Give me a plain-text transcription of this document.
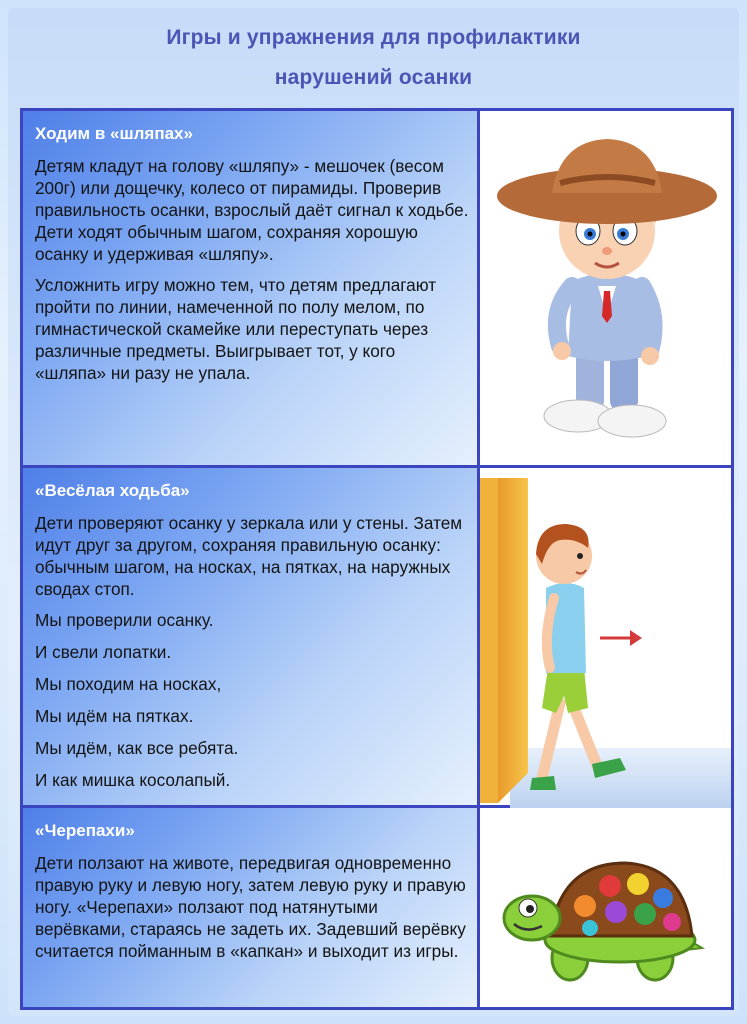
Игры и упражнения для профилактики
нарушений осанки
Ходим в «шляпах»
Детям кладут на голову «шляпу» - мешочек (весом 200г) или дощечку, колесо от пирамиды. Проверив правильность осанки, взрослый даёт сигнал к ходьбе. Дети ходят обычным шагом, сохраняя хорошую осанку и удерживая «шляпу».
Усложнить игру можно тем, что детям предлагают пройти по линии, намеченной по полу мелом, по гимнастической скамейке или переступать через различные предметы. Выигрывает тот, у кого «шляпа» ни разу не упала.
«Весёлая ходьба»
Дети проверяют осанку у зеркала или у стены. Затем идут друг за другом, сохраняя правильную осанку: обычным шагом, на носках, на пятках, на наружных сводах стоп.
Мы проверили осанку.
И свели лопатки.
Мы походим на носках,
Мы идём на пятках.
Мы идём, как все ребята.
И как мишка косолапый.
«Черепахи»
Дети ползают на животе, передвигая одновременно правую руку и левую ногу, затем левую руку и правую ногу. «Черепахи» ползают под натянутыми верёвками, стараясь не задеть их. Задевший верёвку считается пойманным в «капкан» и выходит из игры.
